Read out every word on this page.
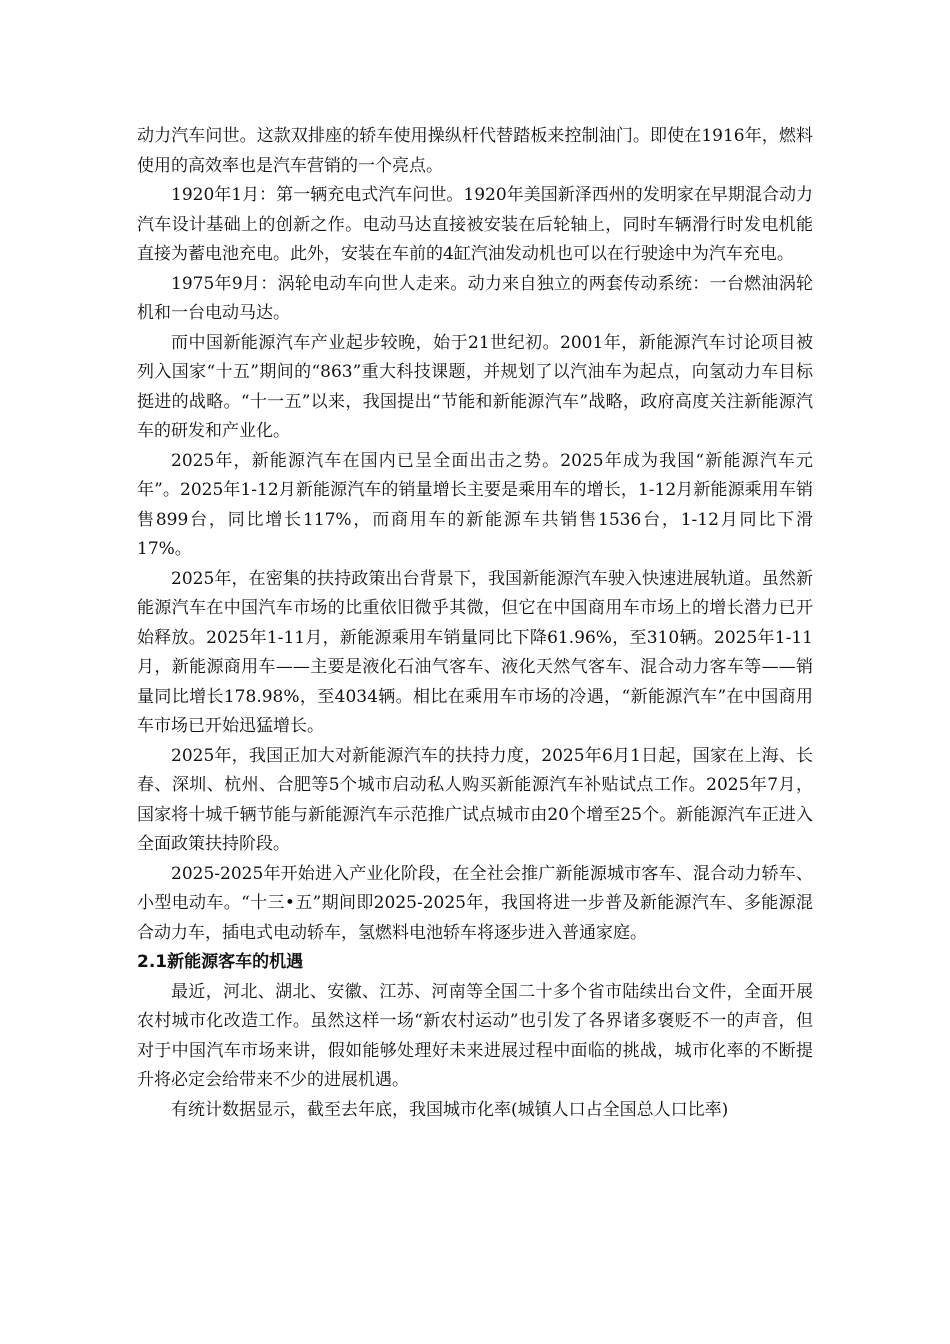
动力汽车问世。这款双排座的轿车使用操纵杆代替踏板来控制油门。即使在1916年，燃料使用的高效率也是汽车营销的一个亮点。

1920年1月：第一辆充电式汽车问世。1920年美国新泽西州的发明家在早期混合动力汽车设计基础上的创新之作。电动马达直接被安装在后轮轴上，同时车辆滑行时发电机能直接为蓄电池充电。此外，安装在车前的4缸汽油发动机也可以在行驶途中为汽车充电。

1975年9月：涡轮电动车向世人走来。动力来自独立的两套传动系统：一台燃油涡轮机和一台电动马达。

而中国新能源汽车产业起步较晚，始于21世纪初。2001年，新能源汽车讨论项目被列入国家“十五”期间的“863”重大科技课题，并规划了以汽油车为起点，向氢动力车目标挺进的战略。“十一五”以来，我国提出“节能和新能源汽车”战略，政府高度关注新能源汽车的研发和产业化。

2025年，新能源汽车在国内已呈全面出击之势。2025年成为我国“新能源汽车元年”。2025年1-12月新能源汽车的销量增长主要是乘用车的增长，1-12月新能源乘用车销售899台，同比增长117%，而商用车的新能源车共销售1536台，1-12月同比下滑17%。

2025年，在密集的扶持政策出台背景下，我国新能源汽车驶入快速进展轨道。虽然新能源汽车在中国汽车市场的比重依旧微乎其微，但它在中国商用车市场上的增长潜力已开始释放。2025年1-11月，新能源乘用车销量同比下降61.96%，至310辆。2025年1-11月，新能源商用车——主要是液化石油气客车、液化天然气客车、混合动力客车等——销量同比增长178.98%，至4034辆。相比在乘用车市场的冷遇，“新能源汽车”在中国商用车市场已开始迅猛增长。

2025年，我国正加大对新能源汽车的扶持力度，2025年6月1日起，国家在上海、长春、深圳、杭州、合肥等5个城市启动私人购买新能源汽车补贴试点工作。2025年7月，国家将十城千辆节能与新能源汽车示范推广试点城市由20个增至25个。新能源汽车正进入全面政策扶持阶段。

2025-2025年开始进入产业化阶段，在全社会推广新能源城市客车、混合动力轿车、小型电动车。“十三•五”期间即2025-2025年，我国将进一步普及新能源汽车、多能源混合动力车，插电式电动轿车，氢燃料电池轿车将逐步进入普通家庭。

2.1新能源客车的机遇

最近，河北、湖北、安徽、江苏、河南等全国二十多个省市陆续出台文件，全面开展农村城市化改造工作。虽然这样一场“新农村运动”也引发了各界诸多褒贬不一的声音，但对于中国汽车市场来讲，假如能够处理好未来进展过程中面临的挑战，城市化率的不断提升将必定会给带来不少的进展机遇。

有统计数据显示，截至去年底，我国城市化率(城镇人口占全国总人口比率)
